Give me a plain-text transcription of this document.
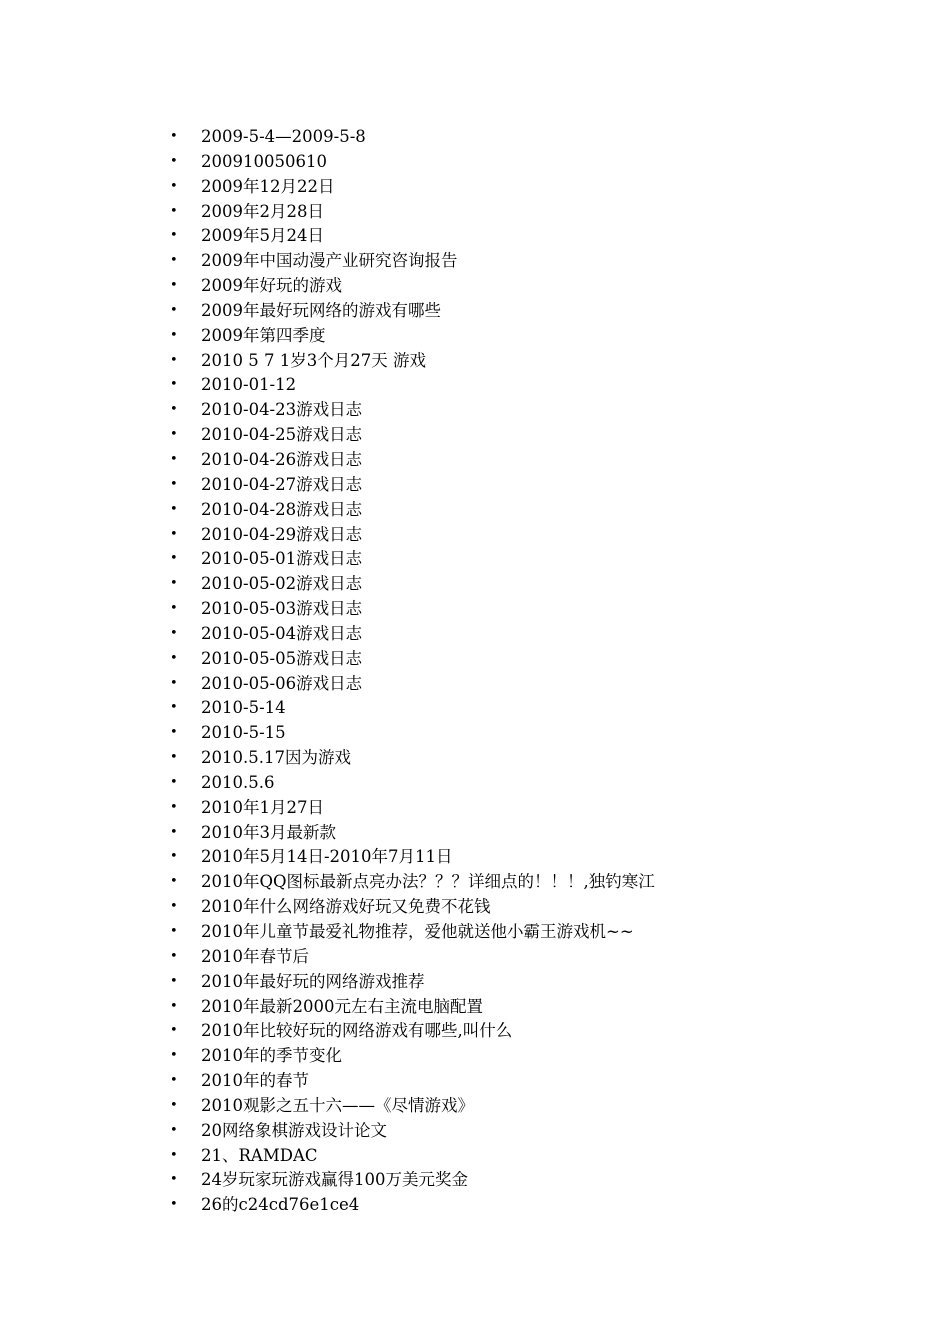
•	2009-5-4—2009-5-8
•	200910050610
•	2009年12月22日
•	2009年2月28日
•	2009年5月24日
•	2009年中国动漫产业研究咨询报告
•	2009年好玩的游戏
•	2009年最好玩网络的游戏有哪些
•	2009年第四季度
•	2010 5 7 1岁3个月27天 游戏
•	2010-01-12
•	2010-04-23游戏日志
•	2010-04-25游戏日志
•	2010-04-26游戏日志
•	2010-04-27游戏日志
•	2010-04-28游戏日志
•	2010-04-29游戏日志
•	2010-05-01游戏日志
•	2010-05-02游戏日志
•	2010-05-03游戏日志
•	2010-05-04游戏日志
•	2010-05-05游戏日志
•	2010-05-06游戏日志
•	2010-5-14
•	2010-5-15
•	2010.5.17因为游戏
•	2010.5.6
•	2010年1月27日
•	2010年3月最新款
•	2010年5月14日-2010年7月11日
•	2010年QQ图标最新点亮办法？？？详细点的！！！,独钓寒江
•	2010年什么网络游戏好玩又免费不花钱
•	2010年儿童节最爱礼物推荐，爱他就送他小霸王游戏机~~
•	2010年春节后
•	2010年最好玩的网络游戏推荐
•	2010年最新2000元左右主流电脑配置
•	2010年比较好玩的网络游戏有哪些,叫什么
•	2010年的季节变化
•	2010年的春节
•	2010观影之五十六——《尽情游戏》
•	20网络象棋游戏设计论文
•	21、RAMDAC
•	24岁玩家玩游戏赢得100万美元奖金
•	26的c24cd76e1ce4
